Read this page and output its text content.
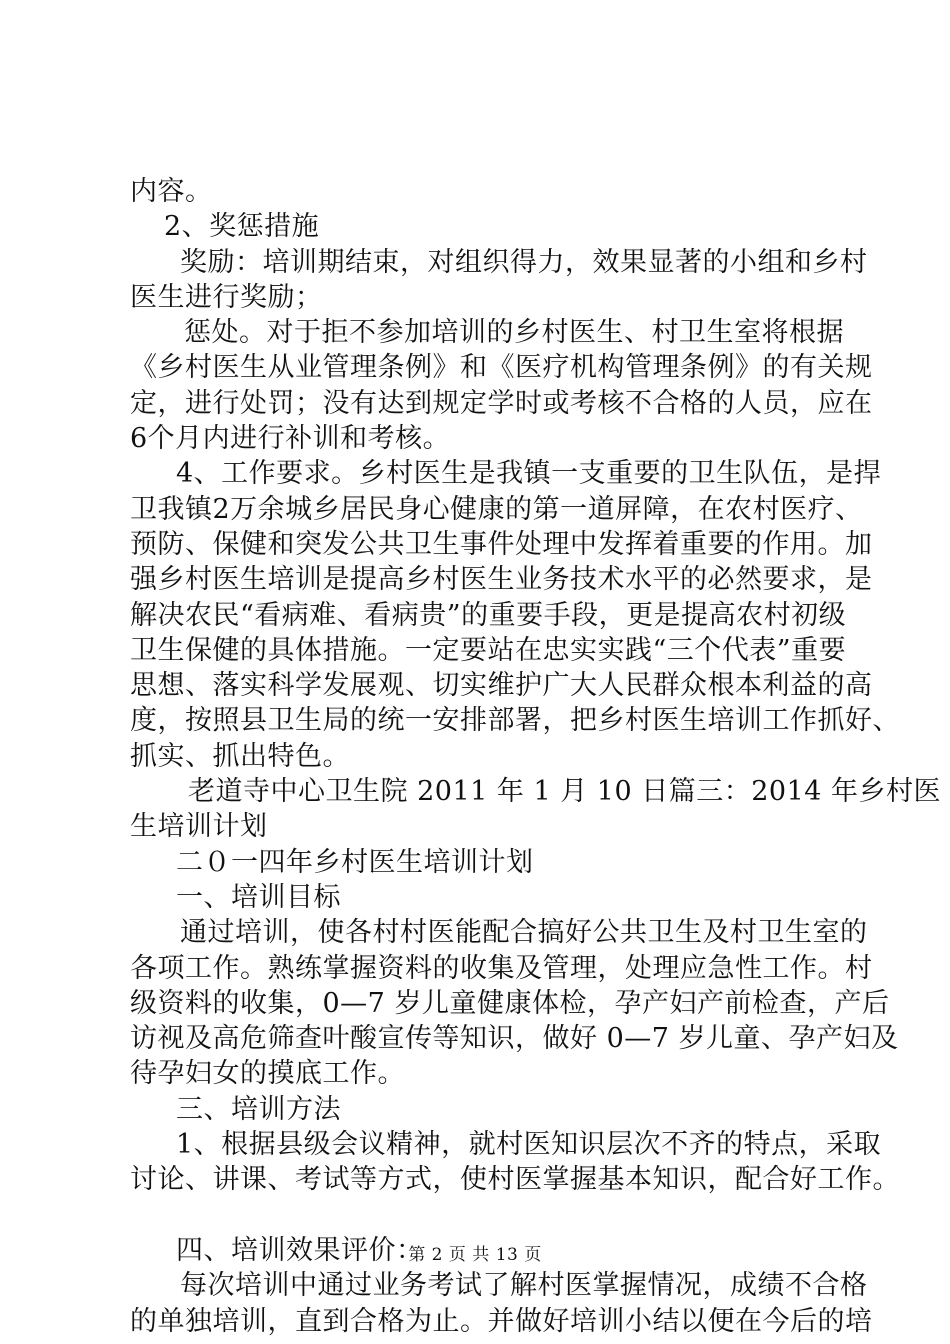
内容。
2、奖惩措施
奖励：培训期结束，对组织得力，效果显著的小组和乡村
医生进行奖励；
惩处。对于拒不参加培训的乡村医生、村卫生室将根据
《乡村医生从业管理条例》和《医疗机构管理条例》的有关规
定，进行处罚；没有达到规定学时或考核不合格的人员，应在
6个月内进行补训和考核。
4、工作要求。乡村医生是我镇一支重要的卫生队伍，是捍
卫我镇2万余城乡居民身心健康的第一道屏障，在农村医疗、
预防、保健和突发公共卫生事件处理中发挥着重要的作用。加
强乡村医生培训是提高乡村医生业务技术水平的必然要求，是
解决农民“看病难、看病贵”的重要手段，更是提高农村初级
卫生保健的具体措施。一定要站在忠实实践“三个代表”重要
思想、落实科学发展观、切实维护广大人民群众根本利益的高
度，按照县卫生局的统一安排部署，把乡村医生培训工作抓好、
抓实、抓出特色。
老道寺中心卫生院 2011 年 1 月 10 日篇三：2014 年乡村医
生培训计划
二０一四年乡村医生培训计划
一、培训目标
通过培训，使各村村医能配合搞好公共卫生及村卫生室的
各项工作。熟练掌握资料的收集及管理，处理应急性工作。村
级资料的收集，0—7 岁儿童健康体检，孕产妇产前检查，产后
访视及高危筛查叶酸宣传等知识，做好 0—7 岁儿童、孕产妇及
待孕妇女的摸底工作。
三、培训方法
1、根据县级会议精神，就村医知识层次不齐的特点，采取
讨论、讲课、考试等方式，使村医掌握基本知识，配合好工作。
四、培训效果评价：
每次培训中通过业务考试了解村医掌握情况，成绩不合格
的单独培训，直到合格为止。并做好培训小结以便在今后的培
第 2 页 共 13 页
